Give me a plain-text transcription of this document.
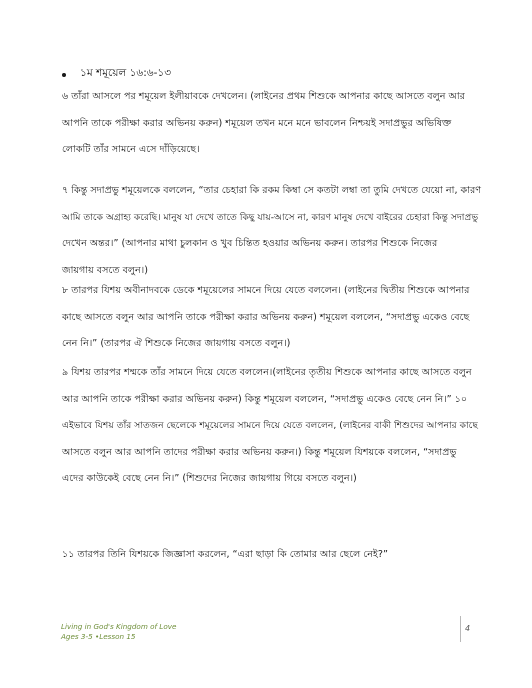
১ম শমূয়েল ১৬:৬-১৩

৬ তাঁরা আসলে পর শমূয়েল ইলীয়াবকে দেখলেন। (লাইনের প্রথম শিশুকে আপনার কাছে আসতে বলুন আর
আপনি তাকে পরীক্ষা করার অভিনয় করুন) শমূয়েল তখন মনে মনে ভাবলেন নিশ্চয়ই সদাপ্রভুর অভিষিক্ত
লোকটি তাঁর সামনে এসে দাঁড়িয়েছে।

৭ কিন্তু সদাপ্রভু শমূয়েলকে বললেন, “তার চেহারা কি রকম কিম্বা সে কতটা লম্বা তা তুমি দেখতে যেয়ো না, কারণ
আমি তাকে অগ্রাহ্য করেছি। মানুষ যা দেখে তাতে কিছু যায়-আসে না, কারণ মানুষ দেখে বাইরের চেহারা কিন্তু সদাপ্রভু
দেখেন অন্তর।” (আপনার মাথা চুলকান ও খুব চিন্তিত হওয়ার অভিনয় করুন। তারপর শিশুকে নিজের
জায়গায় বসতে বলুন।)

৮ তারপর যিশয় অবীনাদবকে ডেকে শমূয়েলের সামনে দিয়ে যেতে বললেন। (লাইনের দ্বিতীয় শিশুকে আপনার
কাছে আসতে বলুন আর আপনি তাকে পরীক্ষা করার অভিনয় করুন) শমূয়েল বললেন, “সদাপ্রভু একেও বেছে
নেন নি।” (তারপর ঐ শিশুকে নিজের জায়গায় বসতে বলুন।)

৯ যিশয় তারপর শম্মকে তাঁর সামনে দিয়ে যেতে বললেন।(লাইনের তৃতীয় শিশুকে আপনার কাছে আসতে বলুন
আর আপনি তাকে পরীক্ষা করার অভিনয় করুন) কিন্তু শমূয়েল বললেন, “সদাপ্রভু একেও বেছে নেন নি।” ১০
এইভাবে যিশয় তাঁর সাতজন ছেলেকে শমূয়েলের সামনে দিয়ে যেতে বললেন, (লাইনের বাকী শিশুদের আপনার কাছে
আসতে বলুন আর আপনি তাদের পরীক্ষা করার অভিনয় করুন।) কিন্তু শমূয়েল যিশয়কে বললেন, “সদাপ্রভু
এদের কাউকেই বেছে নেন নি।” (শিশুদের নিজের জায়গায় গিয়ে বসতে বলুন।)

১১ তারপর তিনি যিশয়কে জিজ্ঞাসা করলেন, “এরা ছাড়া কি তোমার আর ছেলে নেই?”

Living in God's Kingdom of Love
Ages 3-5 •Lesson 15
4
